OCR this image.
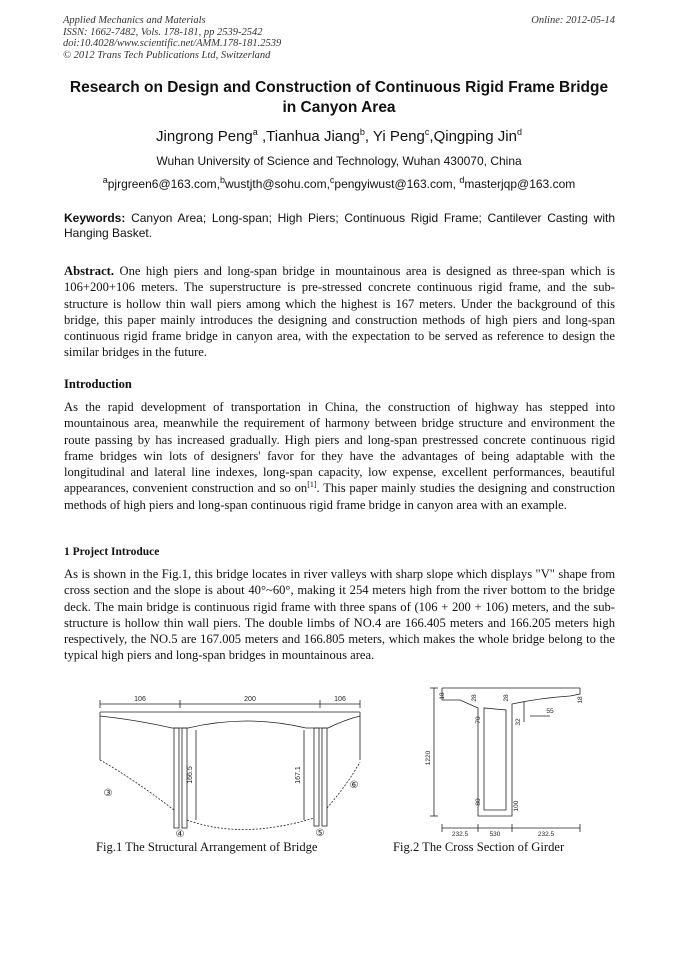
Applied Mechanics and Materials
ISSN: 1662-7482, Vols. 178-181, pp 2539-2542
doi:10.4028/www.scientific.net/AMM.178-181.2539
© 2012 Trans Tech Publications Ltd, Switzerland
Online: 2012-05-14
Research on Design and Construction of Continuous Rigid Frame Bridge
in Canyon Area
Jingrong Peng$^a$ ,Tianhua Jiang$^b$, Yi Peng$^c$,Qingping Jin$^d$
Wuhan University of Science and Technology, Wuhan 430070, China
$^a$pjrgreen6@163.com,$^b$wustjth@sohu.com,$^c$pengyiwust@163.com, $^d$masterjqp@163.com
Keywords: Canyon Area; Long-span; High Piers; Continuous Rigid Frame; Cantilever Casting with Hanging Basket.
Abstract. One high piers and long-span bridge in mountainous area is designed as three-span which is 106+200+106 meters. The superstructure is pre-stressed concrete continuous rigid frame, and the sub-structure is hollow thin wall piers among which the highest is 167 meters. Under the background of this bridge, this paper mainly introduces the designing and construction methods of high piers and long-span continuous rigid frame bridge in canyon area, with the expectation to be served as reference to design the similar bridges in the future.
Introduction
As the rapid development of transportation in China, the construction of highway has stepped into mountainous area, meanwhile the requirement of harmony between bridge structure and environment the route passing by has increased gradually. High piers and long-span prestressed concrete continuous rigid frame bridges win lots of designers' favor for they have the advantages of being adaptable with the longitudinal and lateral line indexes, long-span capacity, low expense, excellent performances, beautiful appearances, convenient construction and so on[1]. This paper mainly studies the designing and construction methods of high piers and long-span continuous rigid frame bridge in canyon area with an example.
1 Project Introduce
As is shown in the Fig.1, this bridge locates in river valleys with sharp slope which displays "V" shape from cross section and the slope is about 40°~60°, making it 254 meters high from the river bottom to the bridge deck. The main bridge is continuous rigid frame with three spans of (106 + 200 + 106) meters, and the sub-structure is hollow thin wall piers. The double limbs of NO.4 are 166.405 meters and 166.205 meters high respectively, the NO.5 are 167.005 meters and 166.805 meters, which makes the whole bridge belong to the typical high piers and long-span bridges in mountainous area.
106	200	106
166.5	167.1
③
④	⑤
⑥
18	28	28	18
55
70	32
1220
80	100
232.5	530	232.5
Fig.1 The Structural Arrangement of Bridge	Fig.2 The Cross Section of Girder
